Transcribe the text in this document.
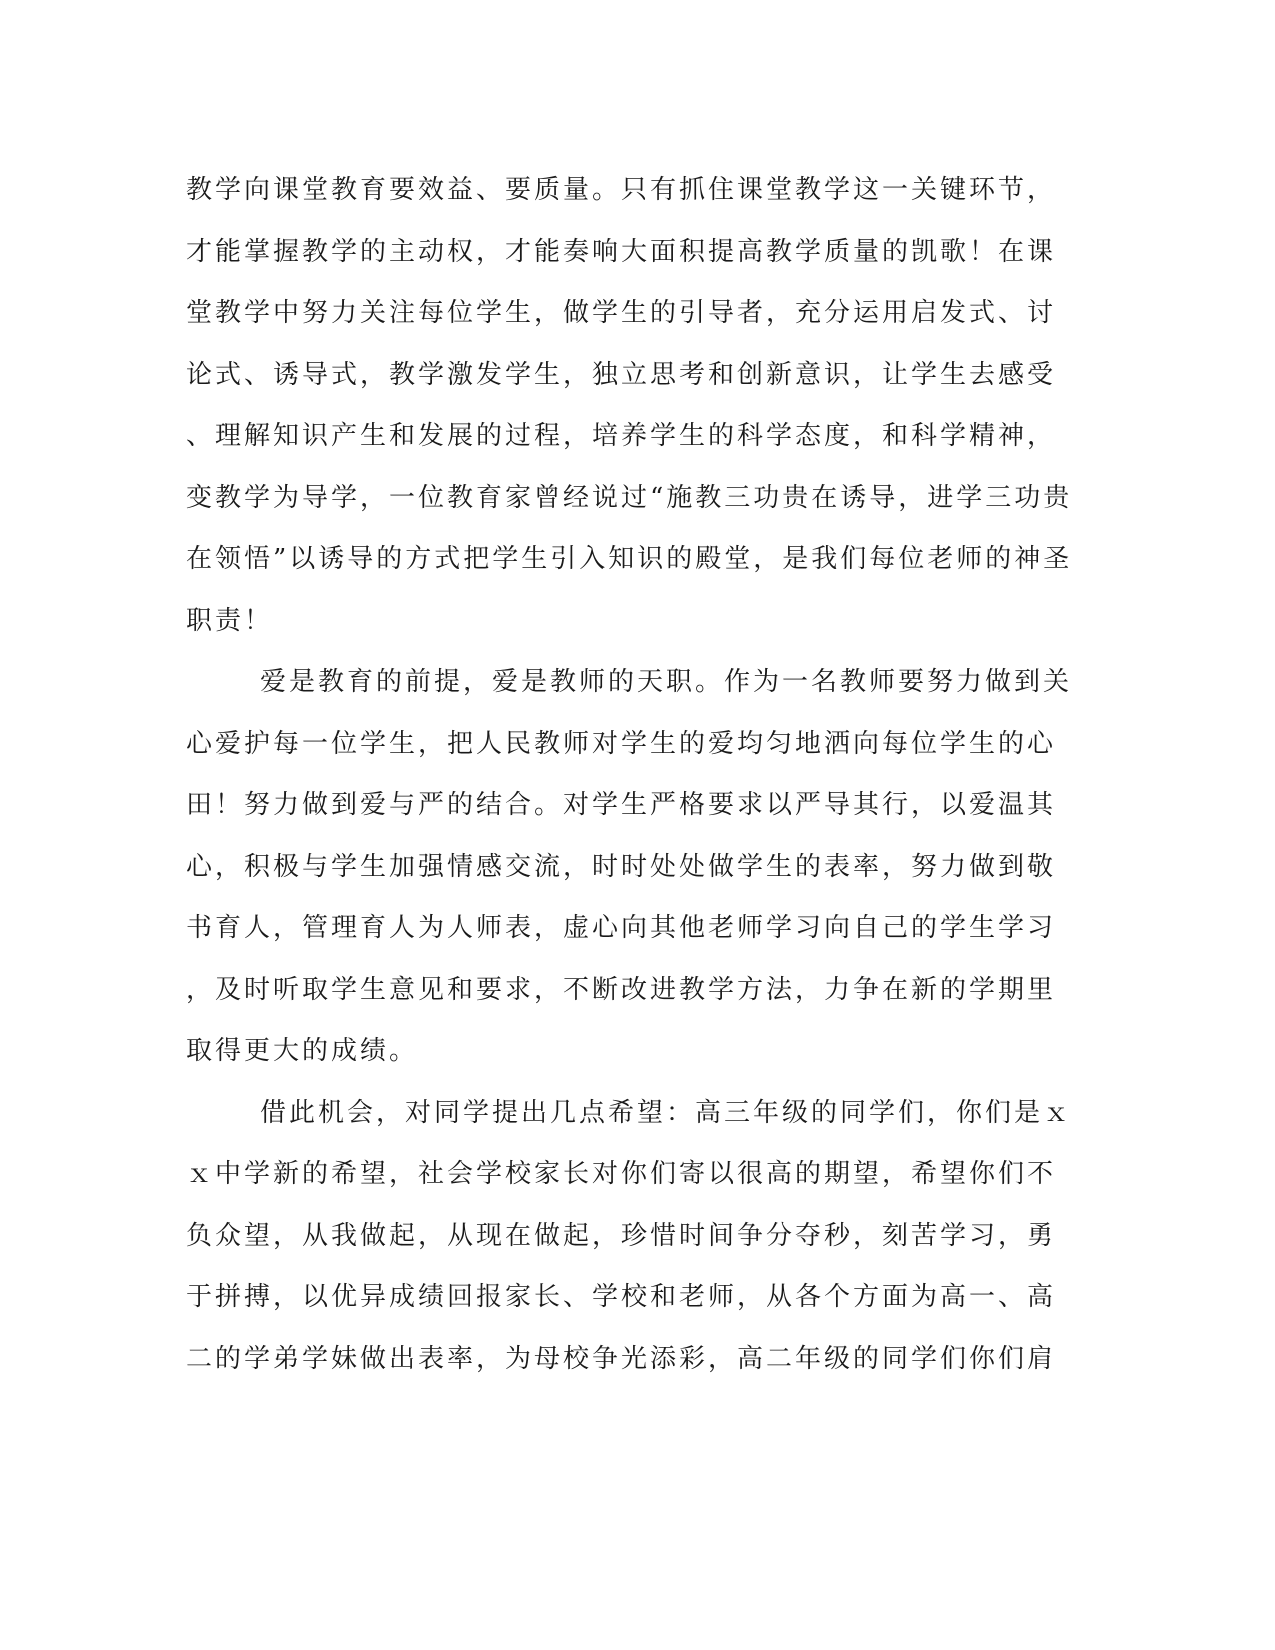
教学向课堂教育要效益、要质量。只有抓住课堂教学这一关键环节，
才能掌握教学的主动权，才能奏响大面积提高教学质量的凯歌！在课
堂教学中努力关注每位学生，做学生的引导者，充分运用启发式、讨
论式、诱导式，教学激发学生，独立思考和创新意识，让学生去感受
、理解知识产生和发展的过程，培养学生的科学态度，和科学精神，
变教学为导学，一位教育家曾经说过“施教三功贵在诱导，进学三功贵
在领悟”以诱导的方式把学生引入知识的殿堂，是我们每位老师的神圣
职责！
爱是教育的前提，爱是教师的天职。作为一名教师要努力做到关
心爱护每一位学生，把人民教师对学生的爱均匀地洒向每位学生的心
田！努力做到爱与严的结合。对学生严格要求以严导其行，以爱温其
心，积极与学生加强情感交流，时时处处做学生的表率，努力做到敬
书育人，管理育人为人师表，虚心向其他老师学习向自己的学生学习
，及时听取学生意见和要求，不断改进教学方法，力争在新的学期里
取得更大的成绩。
借此机会，对同学提出几点希望：高三年级的同学们，你们是ｘ
ｘ中学新的希望，社会学校家长对你们寄以很高的期望，希望你们不
负众望，从我做起，从现在做起，珍惜时间争分夺秒，刻苦学习，勇
于拼搏，以优异成绩回报家长、学校和老师，从各个方面为高一、高
二的学弟学妹做出表率，为母校争光添彩，高二年级的同学们你们肩
